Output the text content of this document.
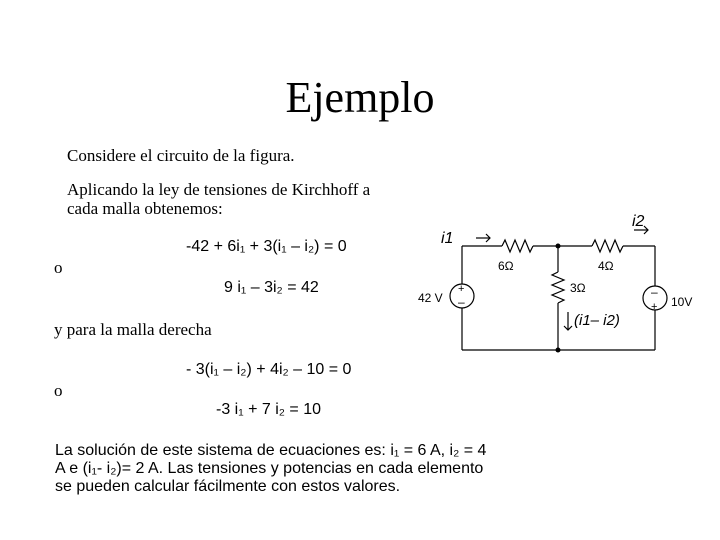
Ejemplo
Considere el circuito de la figura.
Aplicando la ley de tensiones de Kirchhoff a
cada malla obtenemos:
-42 + 6i₁ + 3(i₁ – i₂) = 0
o
9 i₁ – 3i₂ = 42
y para la malla derecha
- 3(i₁ – i₂) + 4i₂ – 10 = 0
o
-3 i₁ + 7 i₂ = 10
La solución de este sistema de ecuaciones es: i₁ = 6 A, i₂ = 4
A e (i₁- i₂)= 2 A. Las tensiones y potencias en cada elemento
se pueden calcular fácilmente con estos valores.
+
–
–
+
i1
i2
6Ω	4Ω
3Ω
42 V	10V
(i1– i2)
